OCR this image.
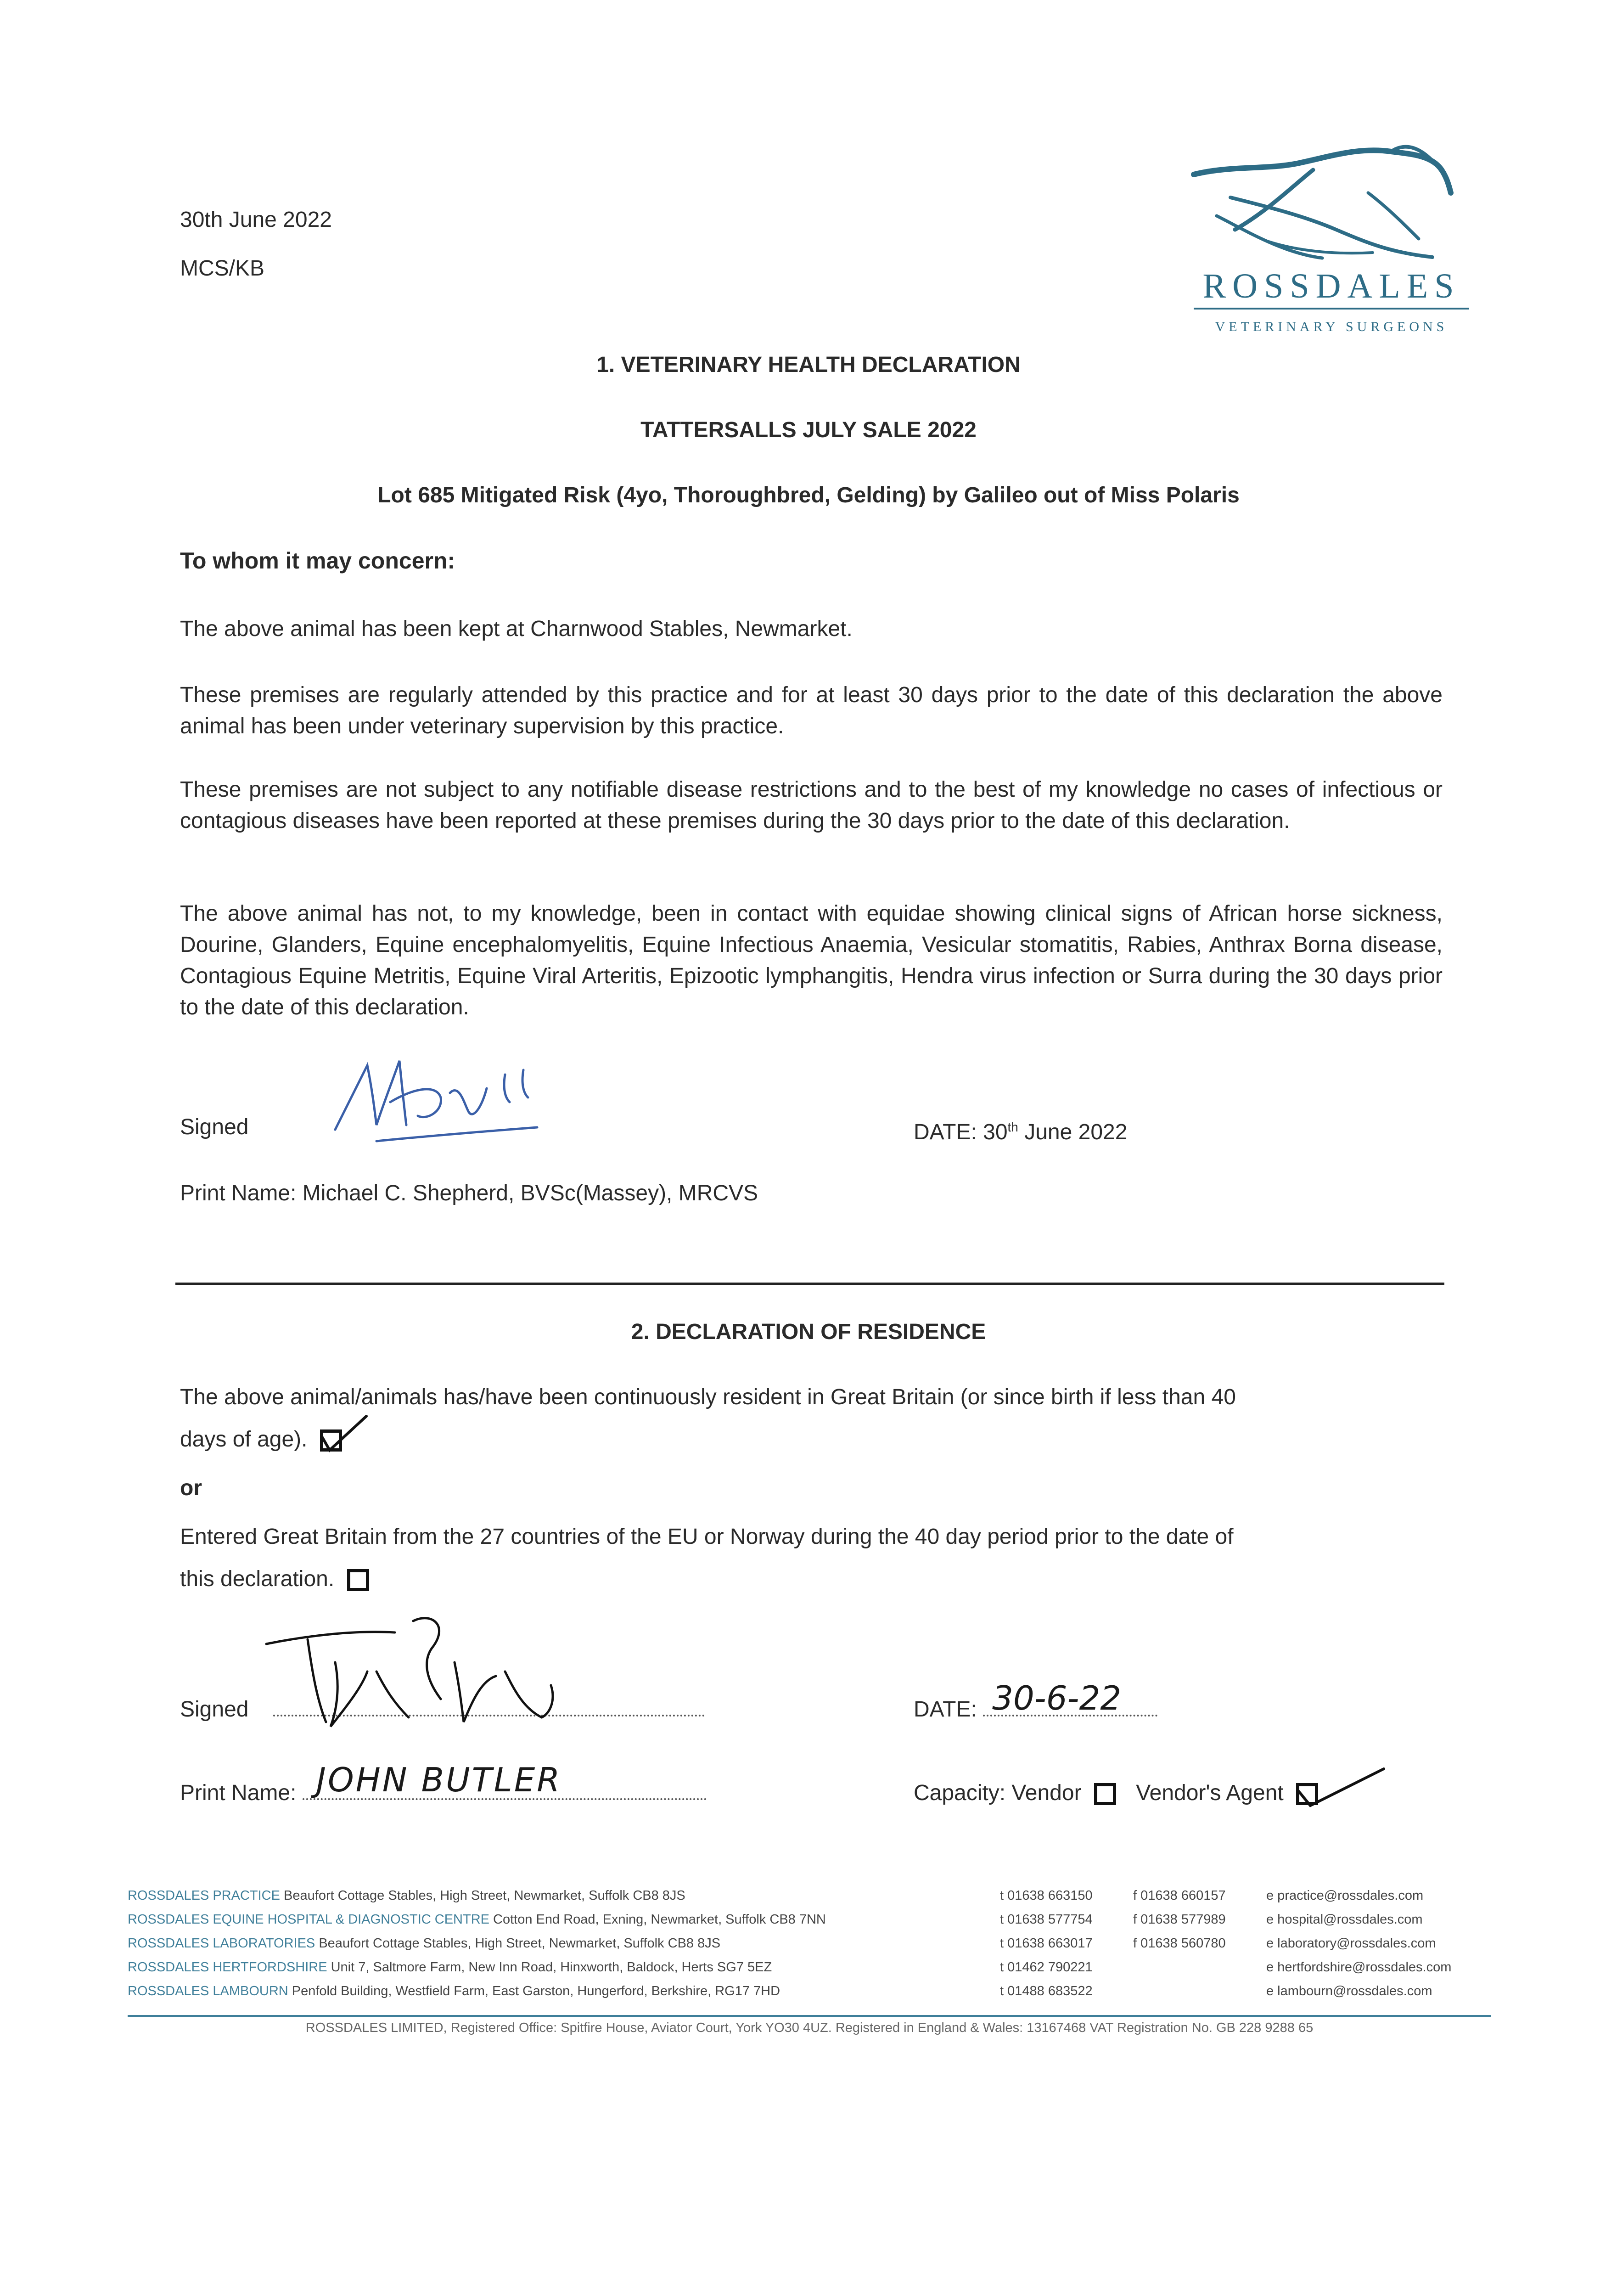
30th June 2022
MCS/KB	ROSSDALES
VETERINARY SURGEONS
1. VETERINARY HEALTH DECLARATION
TATTERSALLS JULY SALE 2022
Lot 685 Mitigated Risk (4yo, Thoroughbred, Gelding) by Galileo out of Miss Polaris
To whom it may concern:
The above animal has been kept at Charnwood Stables, Newmarket.
These premises are regularly attended by this practice and for at least 30 days prior to the date of this declaration the above animal has been under veterinary supervision by this practice.
These premises are not subject to any notifiable disease restrictions and to the best of my knowledge no cases of infectious or contagious diseases have been reported at these premises during the 30 days prior to the date of this declaration.
The above animal has not, to my knowledge, been in contact with equidae showing clinical signs of African horse sickness, Dourine, Glanders, Equine encephalomyelitis, Equine Infectious Anaemia, Vesicular stomatitis, Rabies, Anthrax Borna disease, Contagious Equine Metritis, Equine Viral Arteritis, Epizootic lymphangitis, Hendra virus infection or Surra during the 30 days prior to the date of this declaration.
Signed	DATE: 30th June 2022
Print Name: Michael C. Shepherd, BVSc(Massey), MRCVS
2. DECLARATION OF RESIDENCE
The above animal/animals has/have been continuously resident in Great Britain (or since birth if less than 40
days of age).
or
Entered Great Britain from the 27 countries of the EU or Norway during the 40 day period prior to the date of
this declaration.
Signed	DATE: 30-6-22
Print Name: JOHN BUTLER	Capacity: Vendor Vendor's Agent
ROSSDALES PRACTICE Beaufort Cottage Stables, High Street, Newmarket, Suffolk CB8 8JS	t 01638 663150	f 01638 660157	e practice@rossdales.com
ROSSDALES EQUINE HOSPITAL & DIAGNOSTIC CENTRE Cotton End Road, Exning, Newmarket, Suffolk CB8 7NN	t 01638 577754	f 01638 577989	e hospital@rossdales.com
ROSSDALES LABORATORIES Beaufort Cottage Stables, High Street, Newmarket, Suffolk CB8 8JS	t 01638 663017	f 01638 560780	e laboratory@rossdales.com
ROSSDALES HERTFORDSHIRE Unit 7, Saltmore Farm, New Inn Road, Hinxworth, Baldock, Herts SG7 5EZ	t 01462 790221	e hertfordshire@rossdales.com
ROSSDALES LAMBOURN Penfold Building, Westfield Farm, East Garston, Hungerford, Berkshire, RG17 7HD	t 01488 683522	e lambourn@rossdales.com
ROSSDALES LIMITED, Registered Office: Spitfire House, Aviator Court, York YO30 4UZ. Registered in England & Wales: 13167468 VAT Registration No. GB 228 9288 65
